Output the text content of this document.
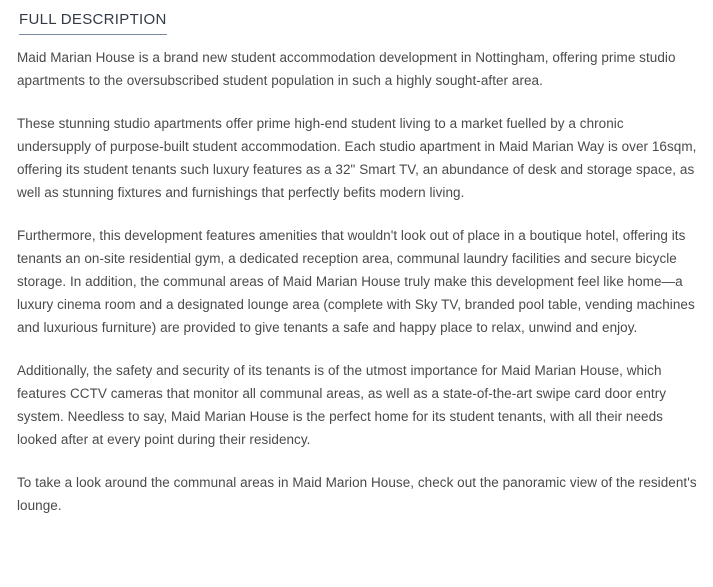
FULL DESCRIPTION

Maid Marian House is a brand new student accommodation development in Nottingham, offering prime studio apartments to the oversubscribed student population in such a highly sought-after area.

These stunning studio apartments offer prime high-end student living to a market fuelled by a chronic undersupply of purpose-built student accommodation. Each studio apartment in Maid Marian Way is over 16sqm, offering its student tenants such luxury features as a 32" Smart TV, an abundance of desk and storage space, as well as stunning fixtures and furnishings that perfectly befits modern living.

Furthermore, this development features amenities that wouldn't look out of place in a boutique hotel, offering its tenants an on-site residential gym, a dedicated reception area, communal laundry facilities and secure bicycle storage. In addition, the communal areas of Maid Marian House truly make this development feel like home—a luxury cinema room and a designated lounge area (complete with Sky TV, branded pool table, vending machines and luxurious furniture) are provided to give tenants a safe and happy place to relax, unwind and enjoy.

Additionally, the safety and security of its tenants is of the utmost importance for Maid Marian House, which features CCTV cameras that monitor all communal areas, as well as a state-of-the-art swipe card door entry system. Needless to say, Maid Marian House is the perfect home for its student tenants, with all their needs looked after at every point during their residency.

To take a look around the communal areas in Maid Marion House, check out the panoramic view of the resident's lounge.
